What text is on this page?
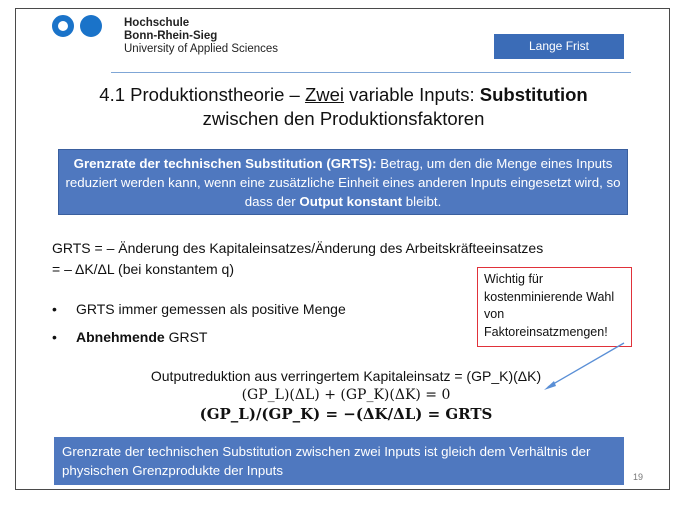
Hochschule
Bonn-Rhein-Sieg
University of Applied Sciences	Lange Frist
4.1 Produktionstheorie – Zwei variable Inputs: Substitution
zwischen den Produktionsfaktoren
Grenzrate der technischen Substitution (GRTS): Betrag, um den die Menge eines Inputs reduziert werden kann, wenn eine zusätzliche Einheit eines anderen Inputs eingesetzt wird, so dass der Output konstant bleibt.
GRTS = – Änderung des Kapitaleinsatzes/Änderung des Arbeitskräfteeinsatzes
= – ΔK/ΔL (bei konstantem q)
Wichtig für kostenminierende Wahl von Faktoreinsatzmengen!
• GRTS immer gemessen als positive Menge
• Abnehmende GRST
Outputreduktion aus verringertem Kapitaleinsatz = (GP_K)(ΔK)
(GP_L)(ΔL) + (GP_K)(ΔK) = 0
(GP_L)/(GP_K) = −(ΔK/ΔL) = GRTS
Grenzrate der technischen Substitution zwischen zwei Inputs ist gleich dem Verhältnis der physischen Grenzprodukte der Inputs	19
